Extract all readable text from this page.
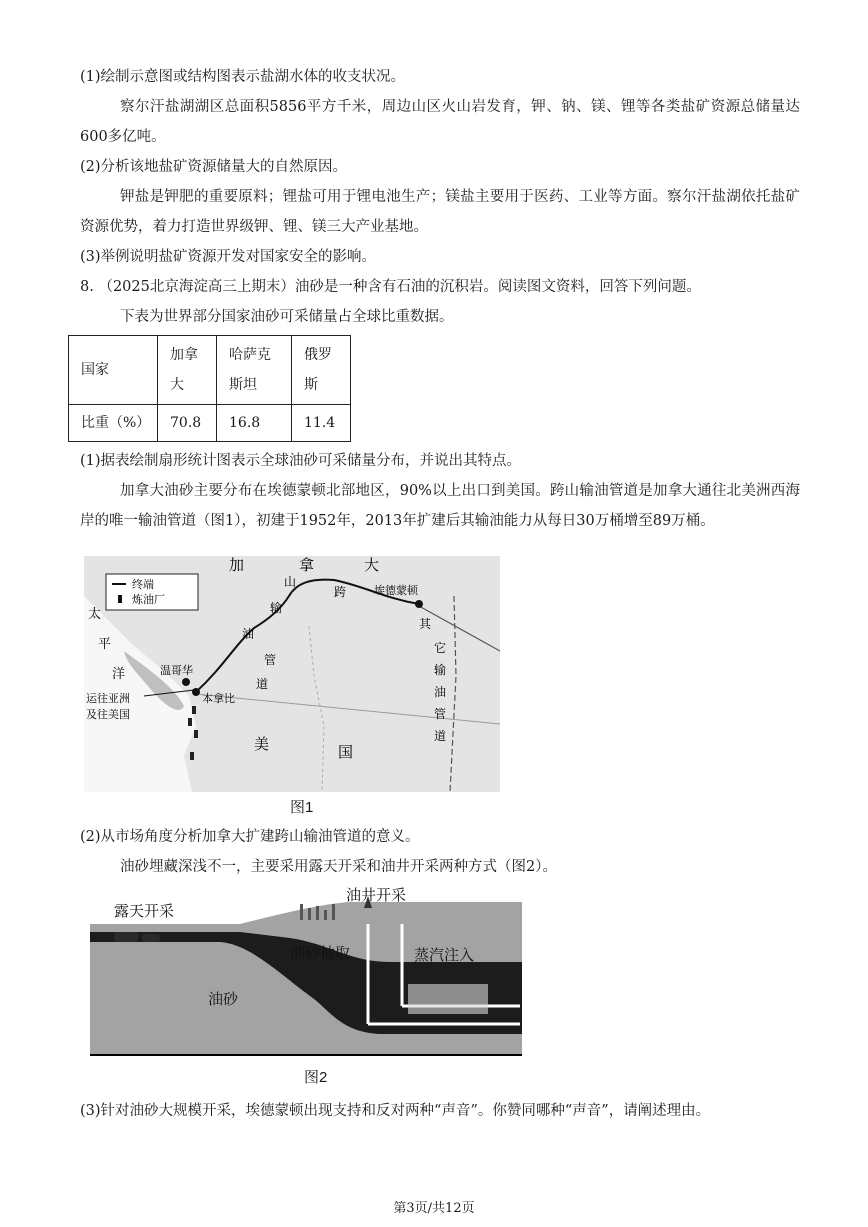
(1)绘制示意图或结构图表示盐湖水体的收支状况。

察尔汗盐湖湖区总面积5856平方千米，周边山区火山岩发育，钾、钠、镁、锂等各类盐矿资源总储量达600多亿吨。

(2)分析该地盐矿资源储量大的自然原因。

钾盐是钾肥的重要原料；锂盐可用于锂电池生产；镁盐主要用于医药、工业等方面。察尔汗盐湖依托盐矿资源优势，着力打造世界级钾、锂、镁三大产业基地。

(3)举例说明盐矿资源开发对国家安全的影响。

8. （2025北京海淀高三上期末）油砂是一种含有石油的沉积岩。阅读图文资料，回答下列问题。

下表为世界部分国家油砂可采储量占全球比重数据。

国家	加拿大	哈萨克斯坦	俄罗斯
比重（%）	70.8	16.8	11.4

(1)据表绘制扇形统计图表示全球油砂可采储量分布，并说出其特点。

加拿大油砂主要分布在埃德蒙顿北部地区，90%以上出口到美国。跨山输油管道是加拿大通往北美洲西海岸的唯一输油管道（图1），初建于1952年，2013年扩建后其输油能力从每日30万桶增至89万桶。

终端
炼油厂
加	拿	大
美	国
太
平
洋
道
管
油
输
山
跨
其
它
输
油
管
道
埃德蒙顿
温哥华
本拿比
运往亚洲
及往美国
图1

(2)从市场角度分析加拿大扩建跨山输油管道的意义。

油砂埋藏深浅不一，主要采用露天开采和油井开采两种方式（图2）。

露天开采
油井开采
油砂抽取	蒸汽注入
油砂
图2

(3)针对油砂大规模开采，埃德蒙顿出现支持和反对两种“声音”。你赞同哪种“声音”，请阐述理由。

第3页/共12页
